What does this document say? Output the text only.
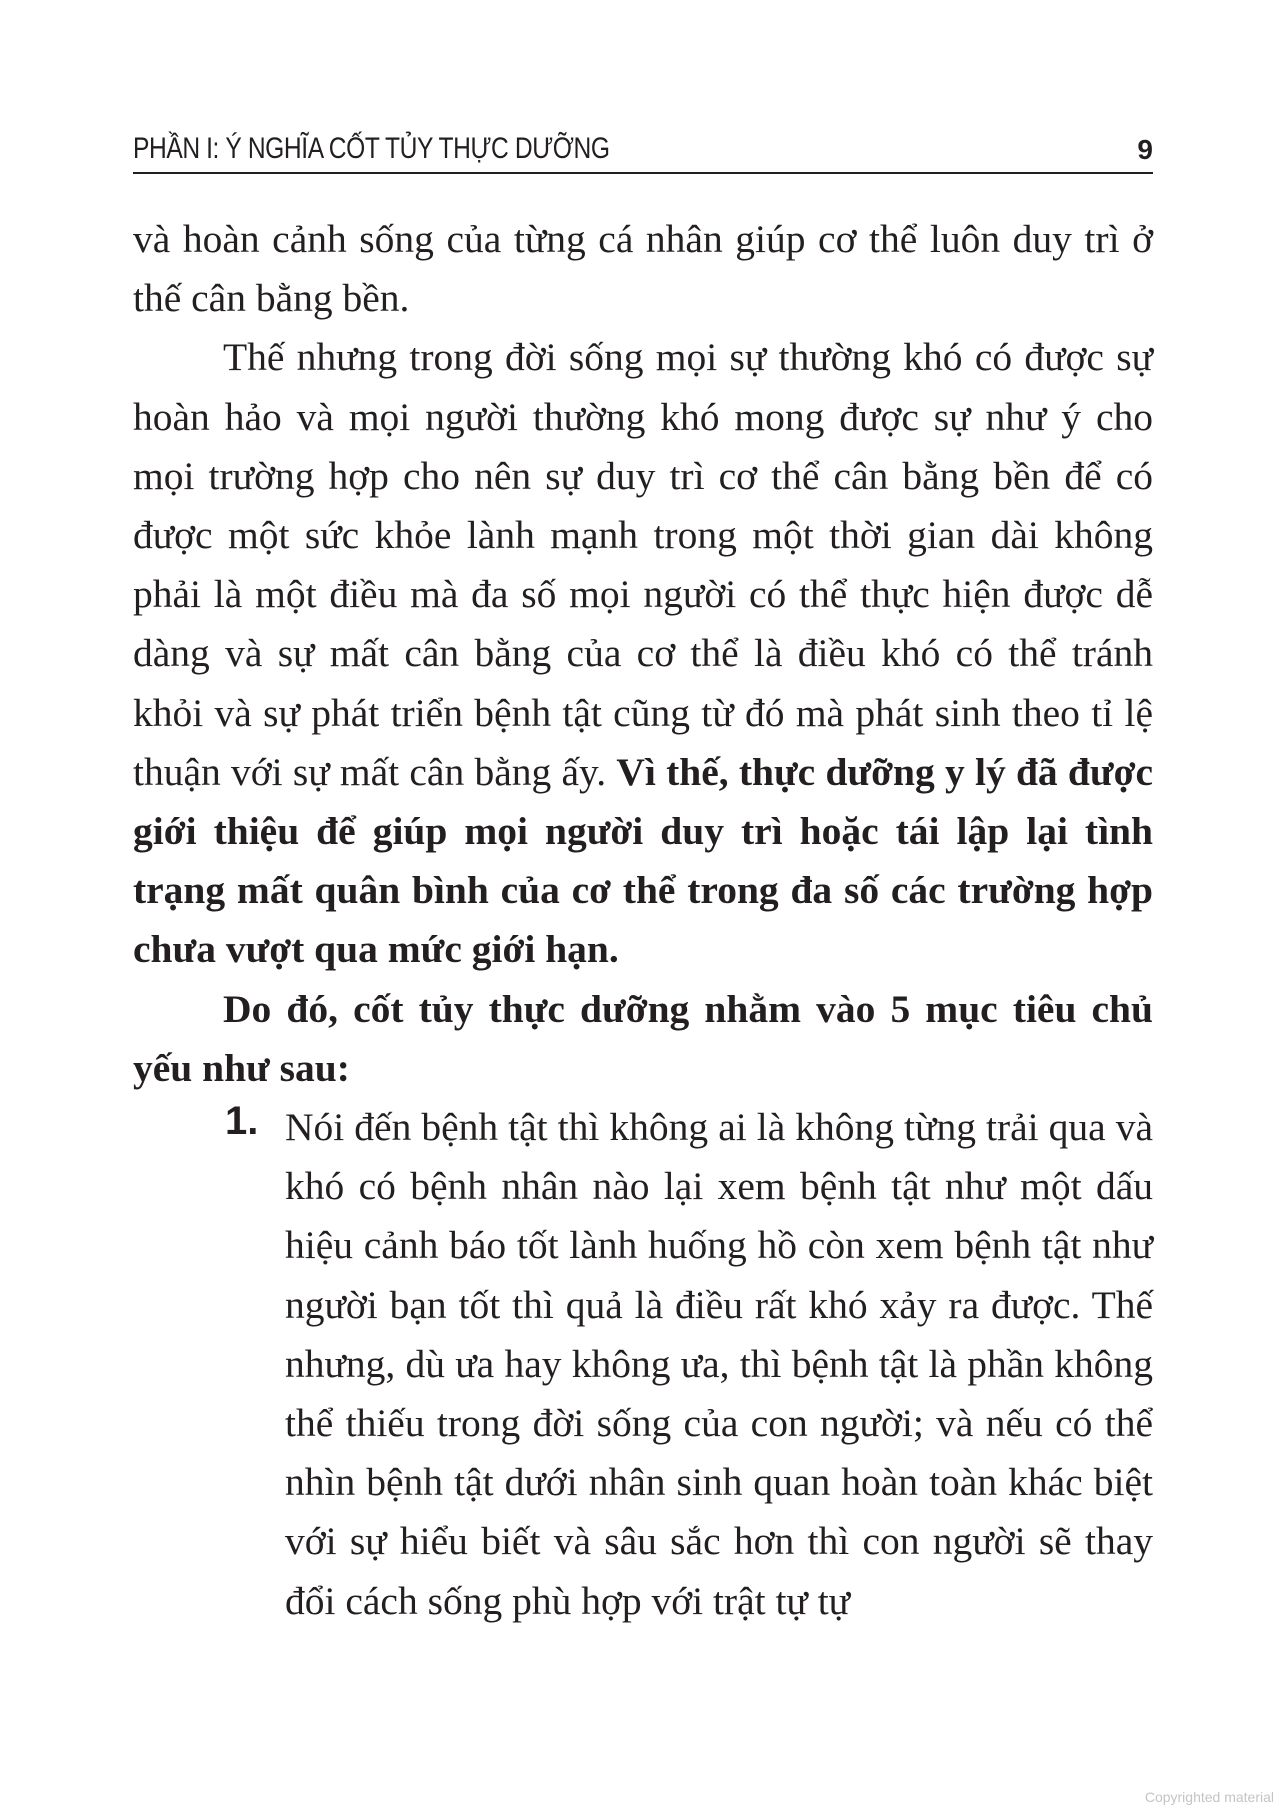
PHẦN I: Ý NGHĨA CỐT TỦY THỰC DƯỠNG	9

và hoàn cảnh sống của từng cá nhân giúp cơ thể luôn duy trì ở thế cân bằng bền.

Thế nhưng trong đời sống mọi sự thường khó có được sự hoàn hảo và mọi người thường khó mong được sự như ý cho mọi trường hợp cho nên sự duy trì cơ thể cân bằng bền để có được một sức khỏe lành mạnh trong một thời gian dài không phải là một điều mà đa số mọi người có thể thực hiện được dễ dàng và sự mất cân bằng của cơ thể là điều khó có thể tránh khỏi và sự phát triển bệnh tật cũng từ đó mà phát sinh theo tỉ lệ thuận với sự mất cân bằng ấy. Vì thế, thực dưỡng y lý đã được giới thiệu để giúp mọi người duy trì hoặc tái lập lại tình trạng mất quân bình của cơ thể trong đa số các trường hợp chưa vượt qua mức giới hạn.

Do đó, cốt tủy thực dưỡng nhằm vào 5 mục tiêu chủ yếu như sau:

1. Nói đến bệnh tật thì không ai là không từng trải qua và khó có bệnh nhân nào lại xem bệnh tật như một dấu hiệu cảnh báo tốt lành huống hồ còn xem bệnh tật như người bạn tốt thì quả là điều rất khó xảy ra được. Thế nhưng, dù ưa hay không ưa, thì bệnh tật là phần không thể thiếu trong đời sống của con người; và nếu có thể nhìn bệnh tật dưới nhân sinh quan hoàn toàn khác biệt với sự hiểu biết và sâu sắc hơn thì con người sẽ thay đổi cách sống phù hợp với trật tự tự

Copyrighted material
